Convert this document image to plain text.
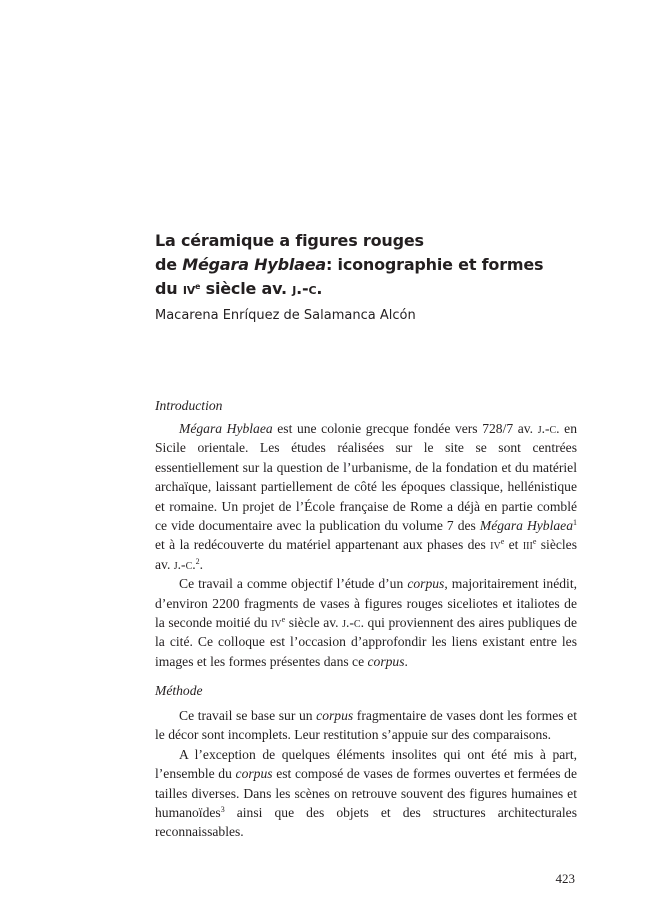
La céramique a figures rouges
de Mégara Hyblaea: iconographie et formes
du $iv^e$ siècle av. j.-c.
Macarena Enríquez de Salamanca Alcón
Introduction

Mégara Hyblaea est une colonie grecque fondée vers 728/7 av. j.-c. en Sicile orientale. Les études réalisées sur le site se sont centrées essentiellement sur la question de l’urbanisme, de la fondation et du matériel archaïque, laissant partiellement de côté les époques classique, hellénistique et romaine. Un projet de l’École française de Rome a déjà en partie comblé ce vide documentaire avec la publication du volume 7 des Mégara Hyblaea$^1$ et à la redécouverte du matériel appartenant aux phases des $iv^e$ et iii$^e$ siècles av. j.-c.$^2$.

Ce travail a comme objectif l’étude d’un corpus, majoritairement inédit, d’environ 2200 fragments de vases à figures rouges siceliotes et italiotes de la seconde moitié du $iv^e$ siècle av. j.-c. qui proviennent des aires publiques de la cité. Ce colloque est l’occasion d’approfondir les liens existant entre les images et les formes présentes dans ce corpus.

Méthode

Ce travail se base sur un corpus fragmentaire de vases dont les formes et le décor sont incomplets. Leur restitution s’appuie sur des comparaisons.

A l’exception de quelques éléments insolites qui ont été mis à part, l’ensemble du corpus est composé de vases de formes ouvertes et fermées de tailles diverses. Dans les scènes on retrouve souvent des figures humaines et humanoïdes$^3$ ainsi que des objets et des structures architecturales reconnaissables.

423
